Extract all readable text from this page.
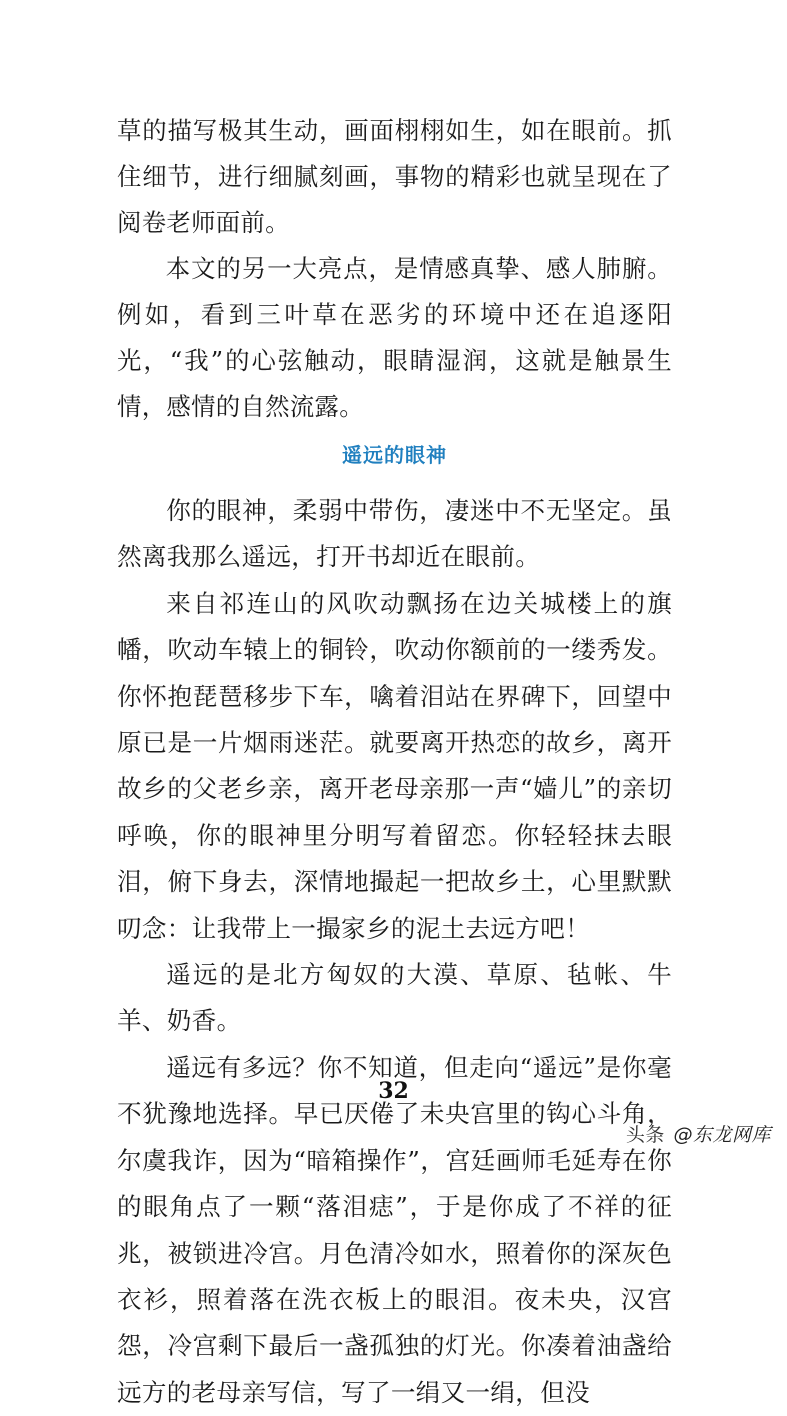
草的描写极其生动，画面栩栩如生，如在眼前。抓住细节，进行细腻刻画，事物的精彩也就呈现在了阅卷老师面前。

本文的另一大亮点，是情感真挚、感人肺腑。例如，看到三叶草在恶劣的环境中还在追逐阳光，“我”的心弦触动，眼睛湿润，这就是触景生情，感情的自然流露。

遥远的眼神

你的眼神，柔弱中带伤，凄迷中不无坚定。虽然离我那么遥远，打开书却近在眼前。

来自祁连山的风吹动飘扬在边关城楼上的旗幡，吹动车辕上的铜铃，吹动你额前的一缕秀发。你怀抱琵琶移步下车，噙着泪站在界碑下，回望中原已是一片烟雨迷茫。就要离开热恋的故乡，离开故乡的父老乡亲，离开老母亲那一声“嫱儿”的亲切呼唤，你的眼神里分明写着留恋。你轻轻抹去眼泪，俯下身去，深情地撮起一把故乡土，心里默默叨念：让我带上一撮家乡的泥土去远方吧！

遥远的是北方匈奴的大漠、草原、毡帐、牛羊、奶香。

遥远有多远？你不知道，但走向“遥远”是你毫不犹豫地选择。早已厌倦了未央宫里的钩心斗角，尔虞我诈，因为“暗箱操作”，宫廷画师毛延寿在你的眼角点了一颗“落泪痣”，于是你成了不祥的征兆，被锁进冷宫。月色清冷如水，照着你的深灰色衣衫，照着落在洗衣板上的眼泪。夜未央，汉宫怨，冷宫剩下最后一盏孤独的灯光。你凑着油盏给远方的老母亲写信，写了一绢又一绢，但没

32
头条 @东龙网库
